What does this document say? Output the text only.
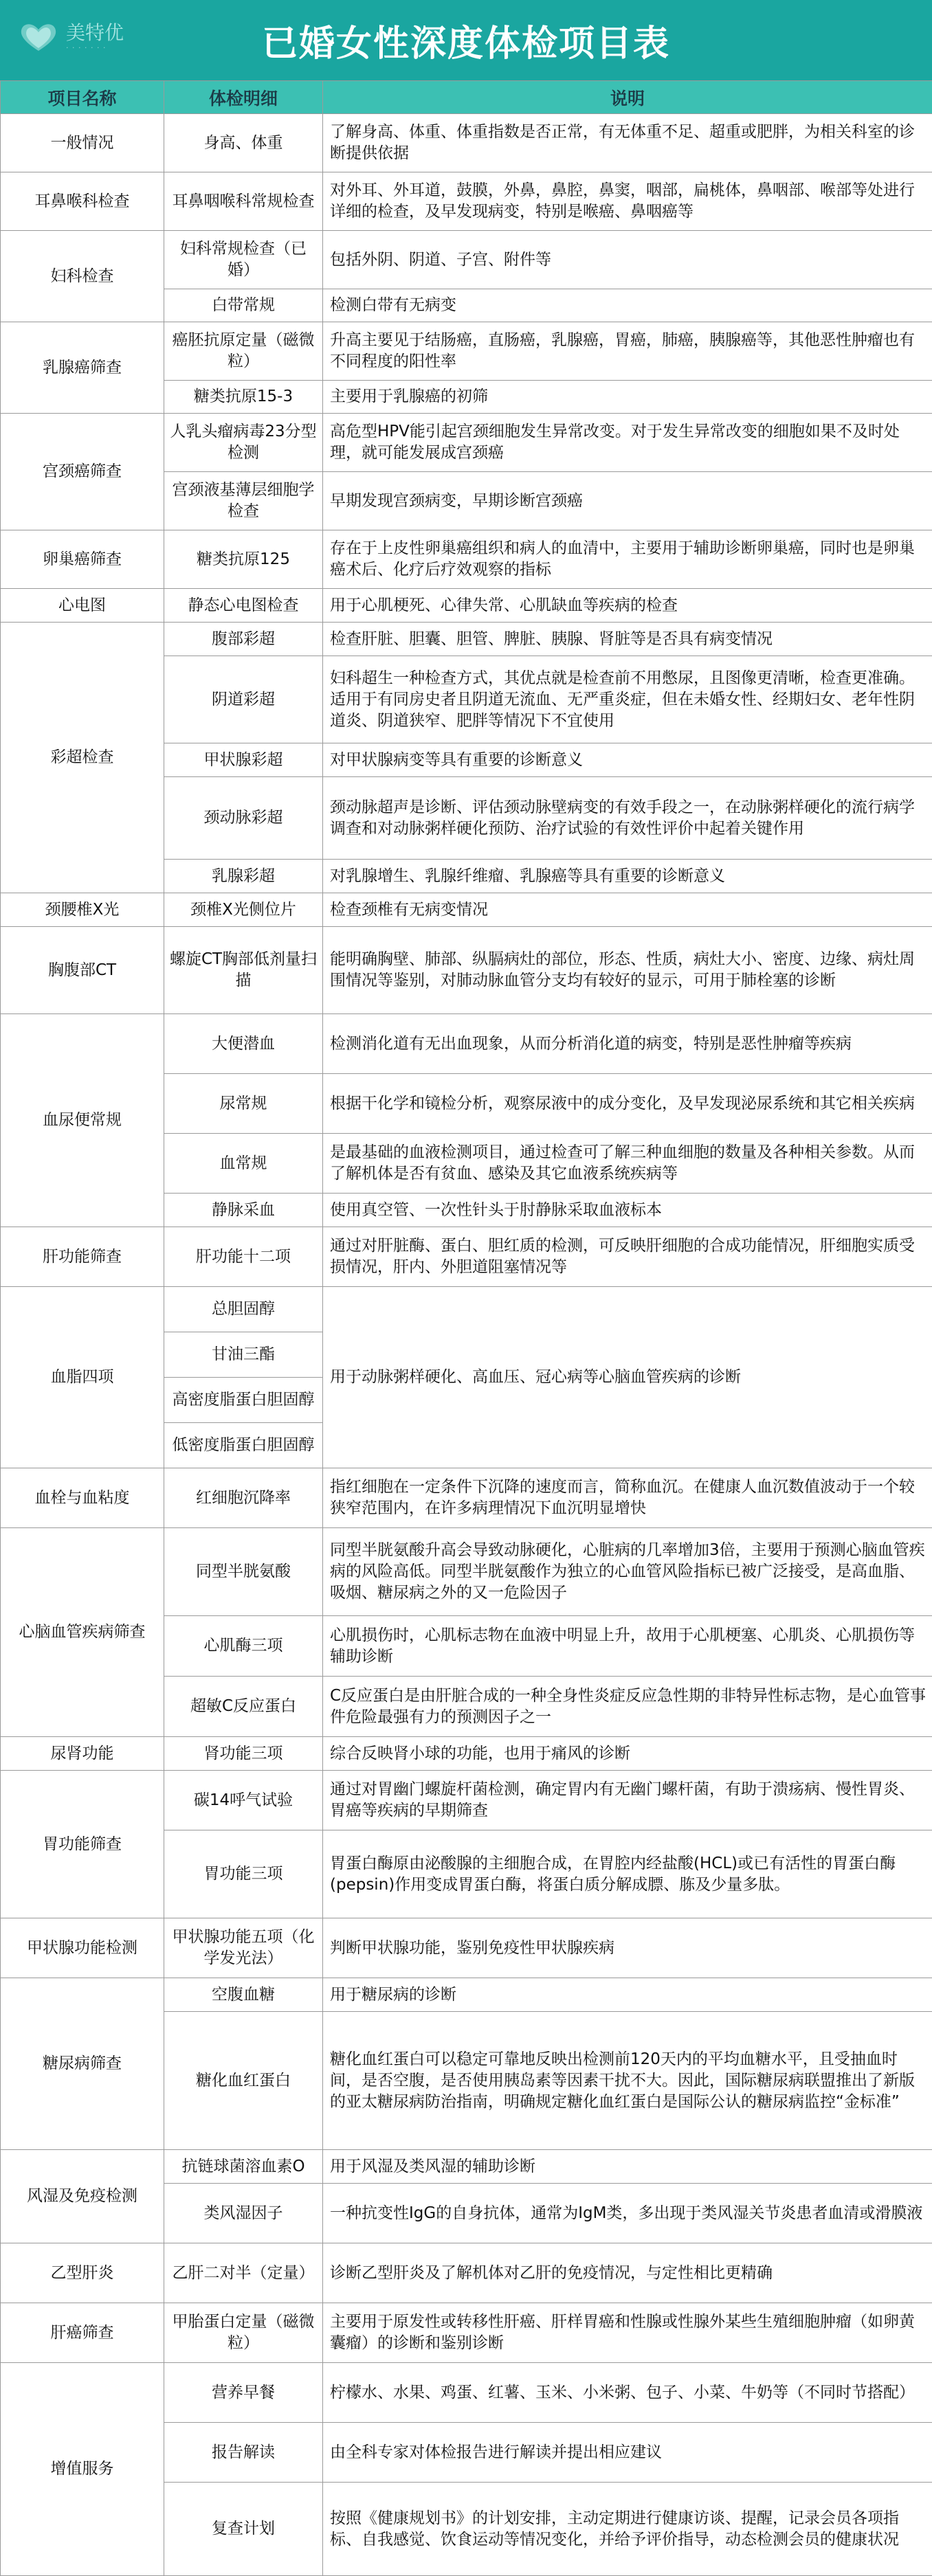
美特优
· · · · · · ·	已婚女性深度体检项目表
项目名称	体检明细	说明
一般情况	身高、体重	了解身高、体重、体重指数是否正常，有无体重不足、超重或肥胖，为相关科室的诊断提供依据
耳鼻喉科检查	耳鼻咽喉科常规检查	对外耳、外耳道，鼓膜，外鼻，鼻腔，鼻窦，咽部，扁桃体，鼻咽部、喉部等处进行详细的检查，及早发现病变，特别是喉癌、鼻咽癌等
妇科检查	妇科常规检查（已婚）	包括外阴、阴道、子宫、附件等
	白带常规	检测白带有无病变
乳腺癌筛查	癌胚抗原定量（磁微粒）	升高主要见于结肠癌，直肠癌，乳腺癌，胃癌，肺癌，胰腺癌等，其他恶性肿瘤也有不同程度的阳性率
	糖类抗原15-3	主要用于乳腺癌的初筛
宫颈癌筛查	人乳头瘤病毒23分型检测	高危型HPV能引起宫颈细胞发生异常改变。对于发生异常改变的细胞如果不及时处理，就可能发展成宫颈癌
	宫颈液基薄层细胞学检查	早期发现宫颈病变，早期诊断宫颈癌
卵巢癌筛查	糖类抗原125	存在于上皮性卵巢癌组织和病人的血清中，主要用于辅助诊断卵巢癌，同时也是卵巢癌术后、化疗后疗效观察的指标
心电图	静态心电图检查	用于心肌梗死、心律失常、心肌缺血等疾病的检查
彩超检查	腹部彩超	检查肝脏、胆囊、胆管、脾脏、胰腺、肾脏等是否具有病变情况
	阴道彩超	妇科超生一种检查方式，其优点就是检查前不用憋尿，且图像更清晰，检查更准确。适用于有同房史者且阴道无流血、无严重炎症，但在未婚女性、经期妇女、老年性阴道炎、阴道狭窄、肥胖等情况下不宜使用
	甲状腺彩超	对甲状腺病变等具有重要的诊断意义
	颈动脉彩超	颈动脉超声是诊断、评估颈动脉壁病变的有效手段之一，在动脉粥样硬化的流行病学调查和对动脉粥样硬化预防、治疗试验的有效性评价中起着关键作用
	乳腺彩超	对乳腺增生、乳腺纤维瘤、乳腺癌等具有重要的诊断意义
颈腰椎X光	颈椎X光侧位片	检查颈椎有无病变情况
胸腹部CT	螺旋CT胸部低剂量扫描	能明确胸壁、肺部、纵膈病灶的部位，形态、性质，病灶大小、密度、边缘、病灶周围情况等鉴别，对肺动脉血管分支均有较好的显示，可用于肺栓塞的诊断
血尿便常规	大便潜血	检测消化道有无出血现象，从而分析消化道的病变，特别是恶性肿瘤等疾病
	尿常规	根据干化学和镜检分析，观察尿液中的成分变化，及早发现泌尿系统和其它相关疾病
	血常规	是最基础的血液检测项目，通过检查可了解三种血细胞的数量及各种相关参数。从而了解机体是否有贫血、感染及其它血液系统疾病等
	静脉采血	使用真空管、一次性针头于肘静脉采取血液标本
肝功能筛查	肝功能十二项	通过对肝脏酶、蛋白、胆红质的检测，可反映肝细胞的合成功能情况，肝细胞实质受损情况，肝内、外胆道阻塞情况等
血脂四项	总胆固醇	用于动脉粥样硬化、高血压、冠心病等心脑血管疾病的诊断
	甘油三酯	
	高密度脂蛋白胆固醇	
	低密度脂蛋白胆固醇	
血栓与血粘度	红细胞沉降率	指红细胞在一定条件下沉降的速度而言，简称血沉。在健康人血沉数值波动于一个较狭窄范围内，在许多病理情况下血沉明显增快
心脑血管疾病筛查	同型半胱氨酸	同型半胱氨酸升高会导致动脉硬化，心脏病的几率增加3倍，主要用于预测心脑血管疾病的风险高低。同型半胱氨酸作为独立的心血管风险指标已被广泛接受，是高血脂、吸烟、糖尿病之外的又一危险因子
	心肌酶三项	心肌损伤时，心肌标志物在血液中明显上升，故用于心肌梗塞、心肌炎、心肌损伤等辅助诊断
	超敏C反应蛋白	C反应蛋白是由肝脏合成的一种全身性炎症反应急性期的非特异性标志物，是心血管事件危险最强有力的预测因子之一
尿肾功能	肾功能三项	综合反映肾小球的功能，也用于痛风的诊断
胃功能筛查	碳14呼气试验	通过对胃幽门螺旋杆菌检测，确定胃内有无幽门螺杆菌，有助于溃疡病、慢性胃炎、胃癌等疾病的早期筛查
	胃功能三项	胃蛋白酶原由泌酸腺的主细胞合成，在胃腔内经盐酸(HCL)或已有活性的胃蛋白酶(pepsin)作用变成胃蛋白酶，将蛋白质分解成膘、胨及少量多肽。
甲状腺功能检测	甲状腺功能五项（化学发光法）	判断甲状腺功能，鉴别免疫性甲状腺疾病
糖尿病筛查	空腹血糖	用于糖尿病的诊断
	糖化血红蛋白	糖化血红蛋白可以稳定可靠地反映出检测前120天内的平均血糖水平，且受抽血时间，是否空腹，是否使用胰岛素等因素干扰不大。因此，国际糖尿病联盟推出了新版的亚太糖尿病防治指南，明确规定糖化血红蛋白是国际公认的糖尿病监控“金标准”
风湿及免疫检测	抗链球菌溶血素O	用于风湿及类风湿的辅助诊断
	类风湿因子	一种抗变性IgG的自身抗体，通常为IgM类，多出现于类风湿关节炎患者血清或滑膜液
乙型肝炎	乙肝二对半（定量）	诊断乙型肝炎及了解机体对乙肝的免疫情况，与定性相比更精确
肝癌筛查	甲胎蛋白定量（磁微粒）	主要用于原发性或转移性肝癌、肝样胃癌和性腺或性腺外某些生殖细胞肿瘤（如卵黄囊瘤）的诊断和鉴别诊断
增值服务	营养早餐	柠檬水、水果、鸡蛋、红薯、玉米、小米粥、包子、小菜、牛奶等（不同时节搭配）
	报告解读	由全科专家对体检报告进行解读并提出相应建议
	复查计划	按照《健康规划书》的计划安排，主动定期进行健康访谈、提醒，记录会员各项指标、自我感觉、饮食运动等情况变化，并给予评价指导，动态检测会员的健康状况
